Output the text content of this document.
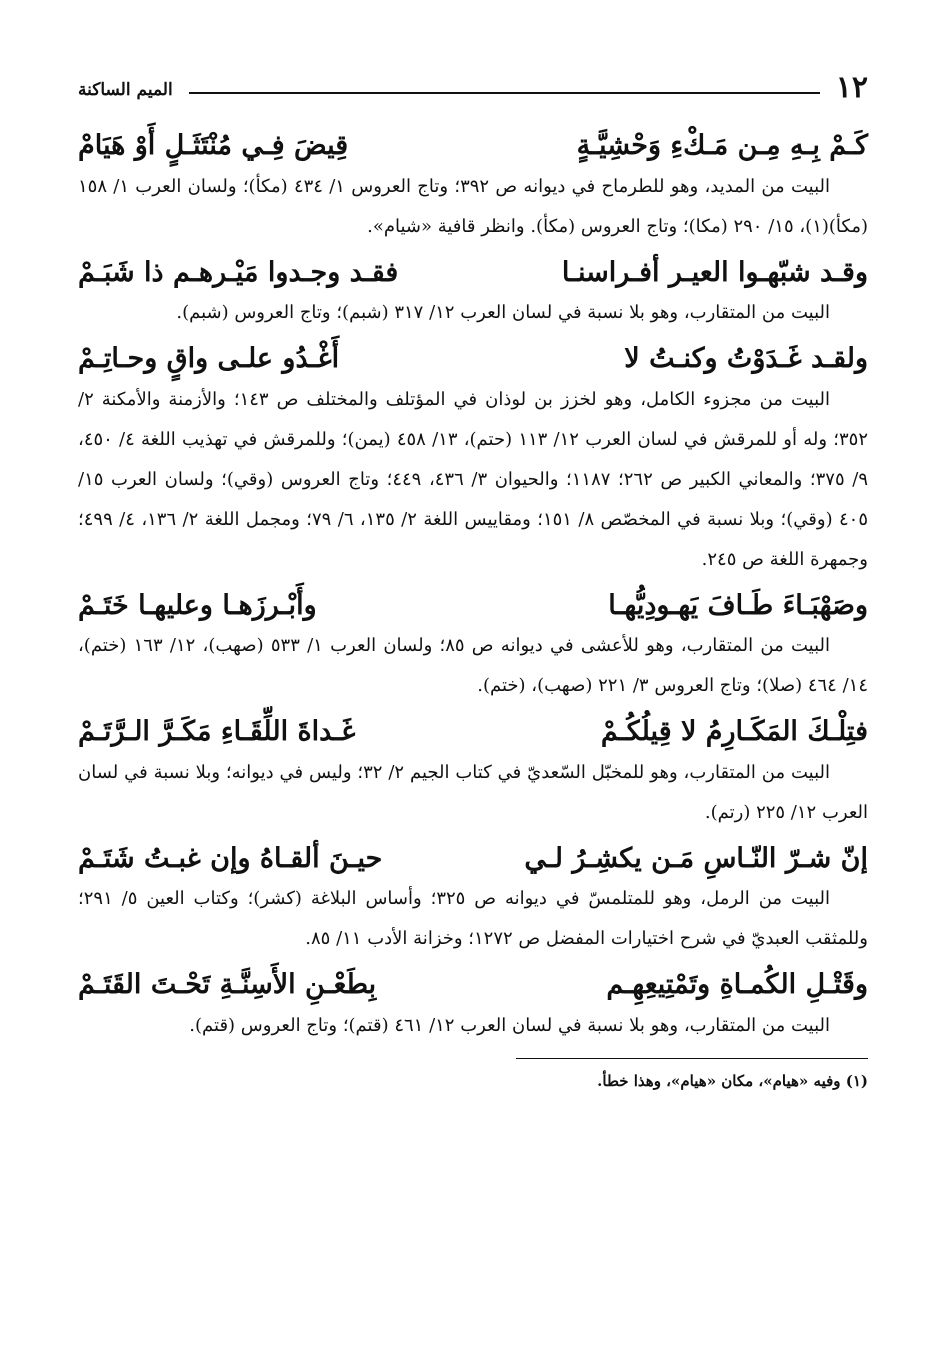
١٢
الميم الساكنة
كَـمْ بِـهِ مِـن مَـكْءِ وَحْشِيَّـةٍ
قِيضَ فِـي مُنْتَثَـلٍ أَوْ هَيَامْ

البيت من المديد، وهو للطرماح في ديوانه ص ٣٩٢؛ وتاج العروس ١/ ٤٣٤ (مكأ)؛ ولسان العرب ١/ ١٥٨ (مكأ)(١)، ١٥/ ٢٩٠ (مكا)؛ وتاج العروس (مكأ). وانظر قافية «شيام».

وقـد شبّهـوا العيـر أفـراسنـا
فقـد وجـدوا مَيْـرهـم ذا شَبَـمْ

البيت من المتقارب، وهو بلا نسبة في لسان العرب ١٢/ ٣١٧ (شبم)؛ وتاج العروس (شبم).

ولقـد غَـدَوْتُ وكنـتُ لا
أَغْـدُو علـى واقٍ وحـاتِـمْ

البيت من مجزوء الكامل، وهو لخزز بن لوذان في المؤتلف والمختلف ص ١٤٣؛ والأزمنة والأمكنة ٢/ ٣٥٢؛ وله أو للمرقش في لسان العرب ١٢/ ١١٣ (حتم)، ١٣/ ٤٥٨ (يمن)؛ وللمرقش في تهذيب اللغة ٤/ ٤٥٠، ٩/ ٣٧٥؛ والمعاني الكبير ص ٢٦٢؛ ١١٨٧؛ والحيوان ٣/ ٤٣٦، ٤٤٩؛ وتاج العروس (وقي)؛ ولسان العرب ١٥/ ٤٠٥ (وقي)؛ وبلا نسبة في المخصّص ٨/ ١٥١؛ ومقاييس اللغة ٢/ ١٣٥، ٦/ ٧٩؛ ومجمل اللغة ٢/ ١٣٦، ٤/ ٤٩٩؛ وجمهرة اللغة ص ٢٤٥.

وصَهْبَـاءَ طَـافَ يَهـودِيُّهـا
وأَبْـرزَهـا وعليهـا خَتَـمْ

البيت من المتقارب، وهو للأعشى في ديوانه ص ٨٥؛ ولسان العرب ١/ ٥٣٣ (صهب)، ١٢/ ١٦٣ (ختم)، ١٤/ ٤٦٤ (صلا)؛ وتاج العروس ٣/ ٢٢١ (صهب)، (ختم).

فتِلْـكَ المَكَـارِمُ لا قِيلُكُـمْ
غَـداةَ اللِّقَـاءِ مَكَـرَّ الـرَّتَـمْ

البيت من المتقارب، وهو للمخبّل السّعديّ في كتاب الجيم ٢/ ٣٢؛ وليس في ديوانه؛ وبلا نسبة في لسان العرب ١٢/ ٢٢٥ (رتم).

إنّ شـرّ النّـاسِ مَـن يكشِـرُ لـي
حيـنَ ألقـاهُ وإن غبـتُ شَتَـمْ

البيت من الرمل، وهو للمتلمسّ في ديوانه ص ٣٢٥؛ وأساس البلاغة (كشر)؛ وكتاب العين ٥/ ٢٩١؛ وللمثقب العبديّ في شرح اختيارات المفضل ص ١٢٧٢؛ وخزانة الأدب ١١/ ٨٥.

وقَتْـلِ الكُمـاةِ وتَمْتِيعِهِـم
بِطَعْـنِ الأَسِنَّـةِ تَحْـتَ القَتَـمْ

البيت من المتقارب، وهو بلا نسبة في لسان العرب ١٢/ ٤٦١ (قتم)؛ وتاج العروس (قتم).

(١) وفيه «هيام»، مكان «هيام»، وهذا خطأ.
